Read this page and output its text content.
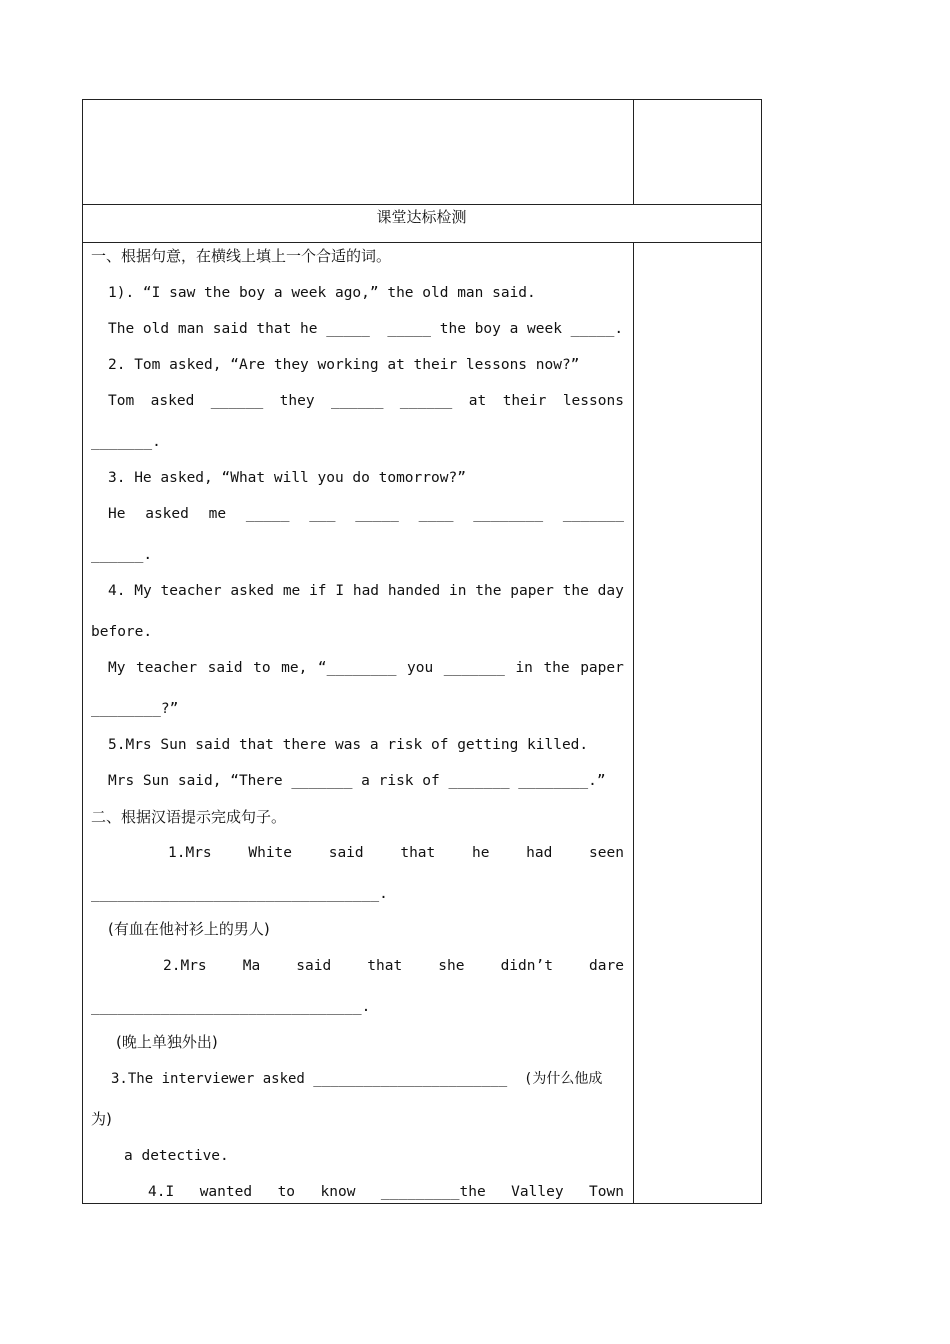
课堂达标检测
一、根据句意，在横线上填上一个合适的词。
1). “I saw the boy a week ago,” the old man said.
The old man said that he _____  _____ the boy a week _____.
2. Tom asked, “Are they working at their lessons now?”
Tom asked ______ they ______ ______ at their lessons
_______.
3. He asked, “What will you do tomorrow?”
He asked me _____ ___ _____ ____ ________ _______
______.
4. My teacher asked me if I had handed in the paper the day
before.
My teacher said to me, “________ you _______ in the paper
________?”
5.Mrs Sun said that there was a risk of getting killed.
Mrs Sun said, “There _______ a risk of _______ ________.”
二、根据汉语提示完成句子。
1.Mrs	White	said	that	he	had	seen
_________________________________.
(有血在他衬衫上的男人)
2.Mrs Ma said that she didn’t dare
_______________________________.
(晚上单独外出)
3.The interviewer asked _______________________  (为什么他成
为)
a detective.
4.I wanted to know _________the Valley Town
